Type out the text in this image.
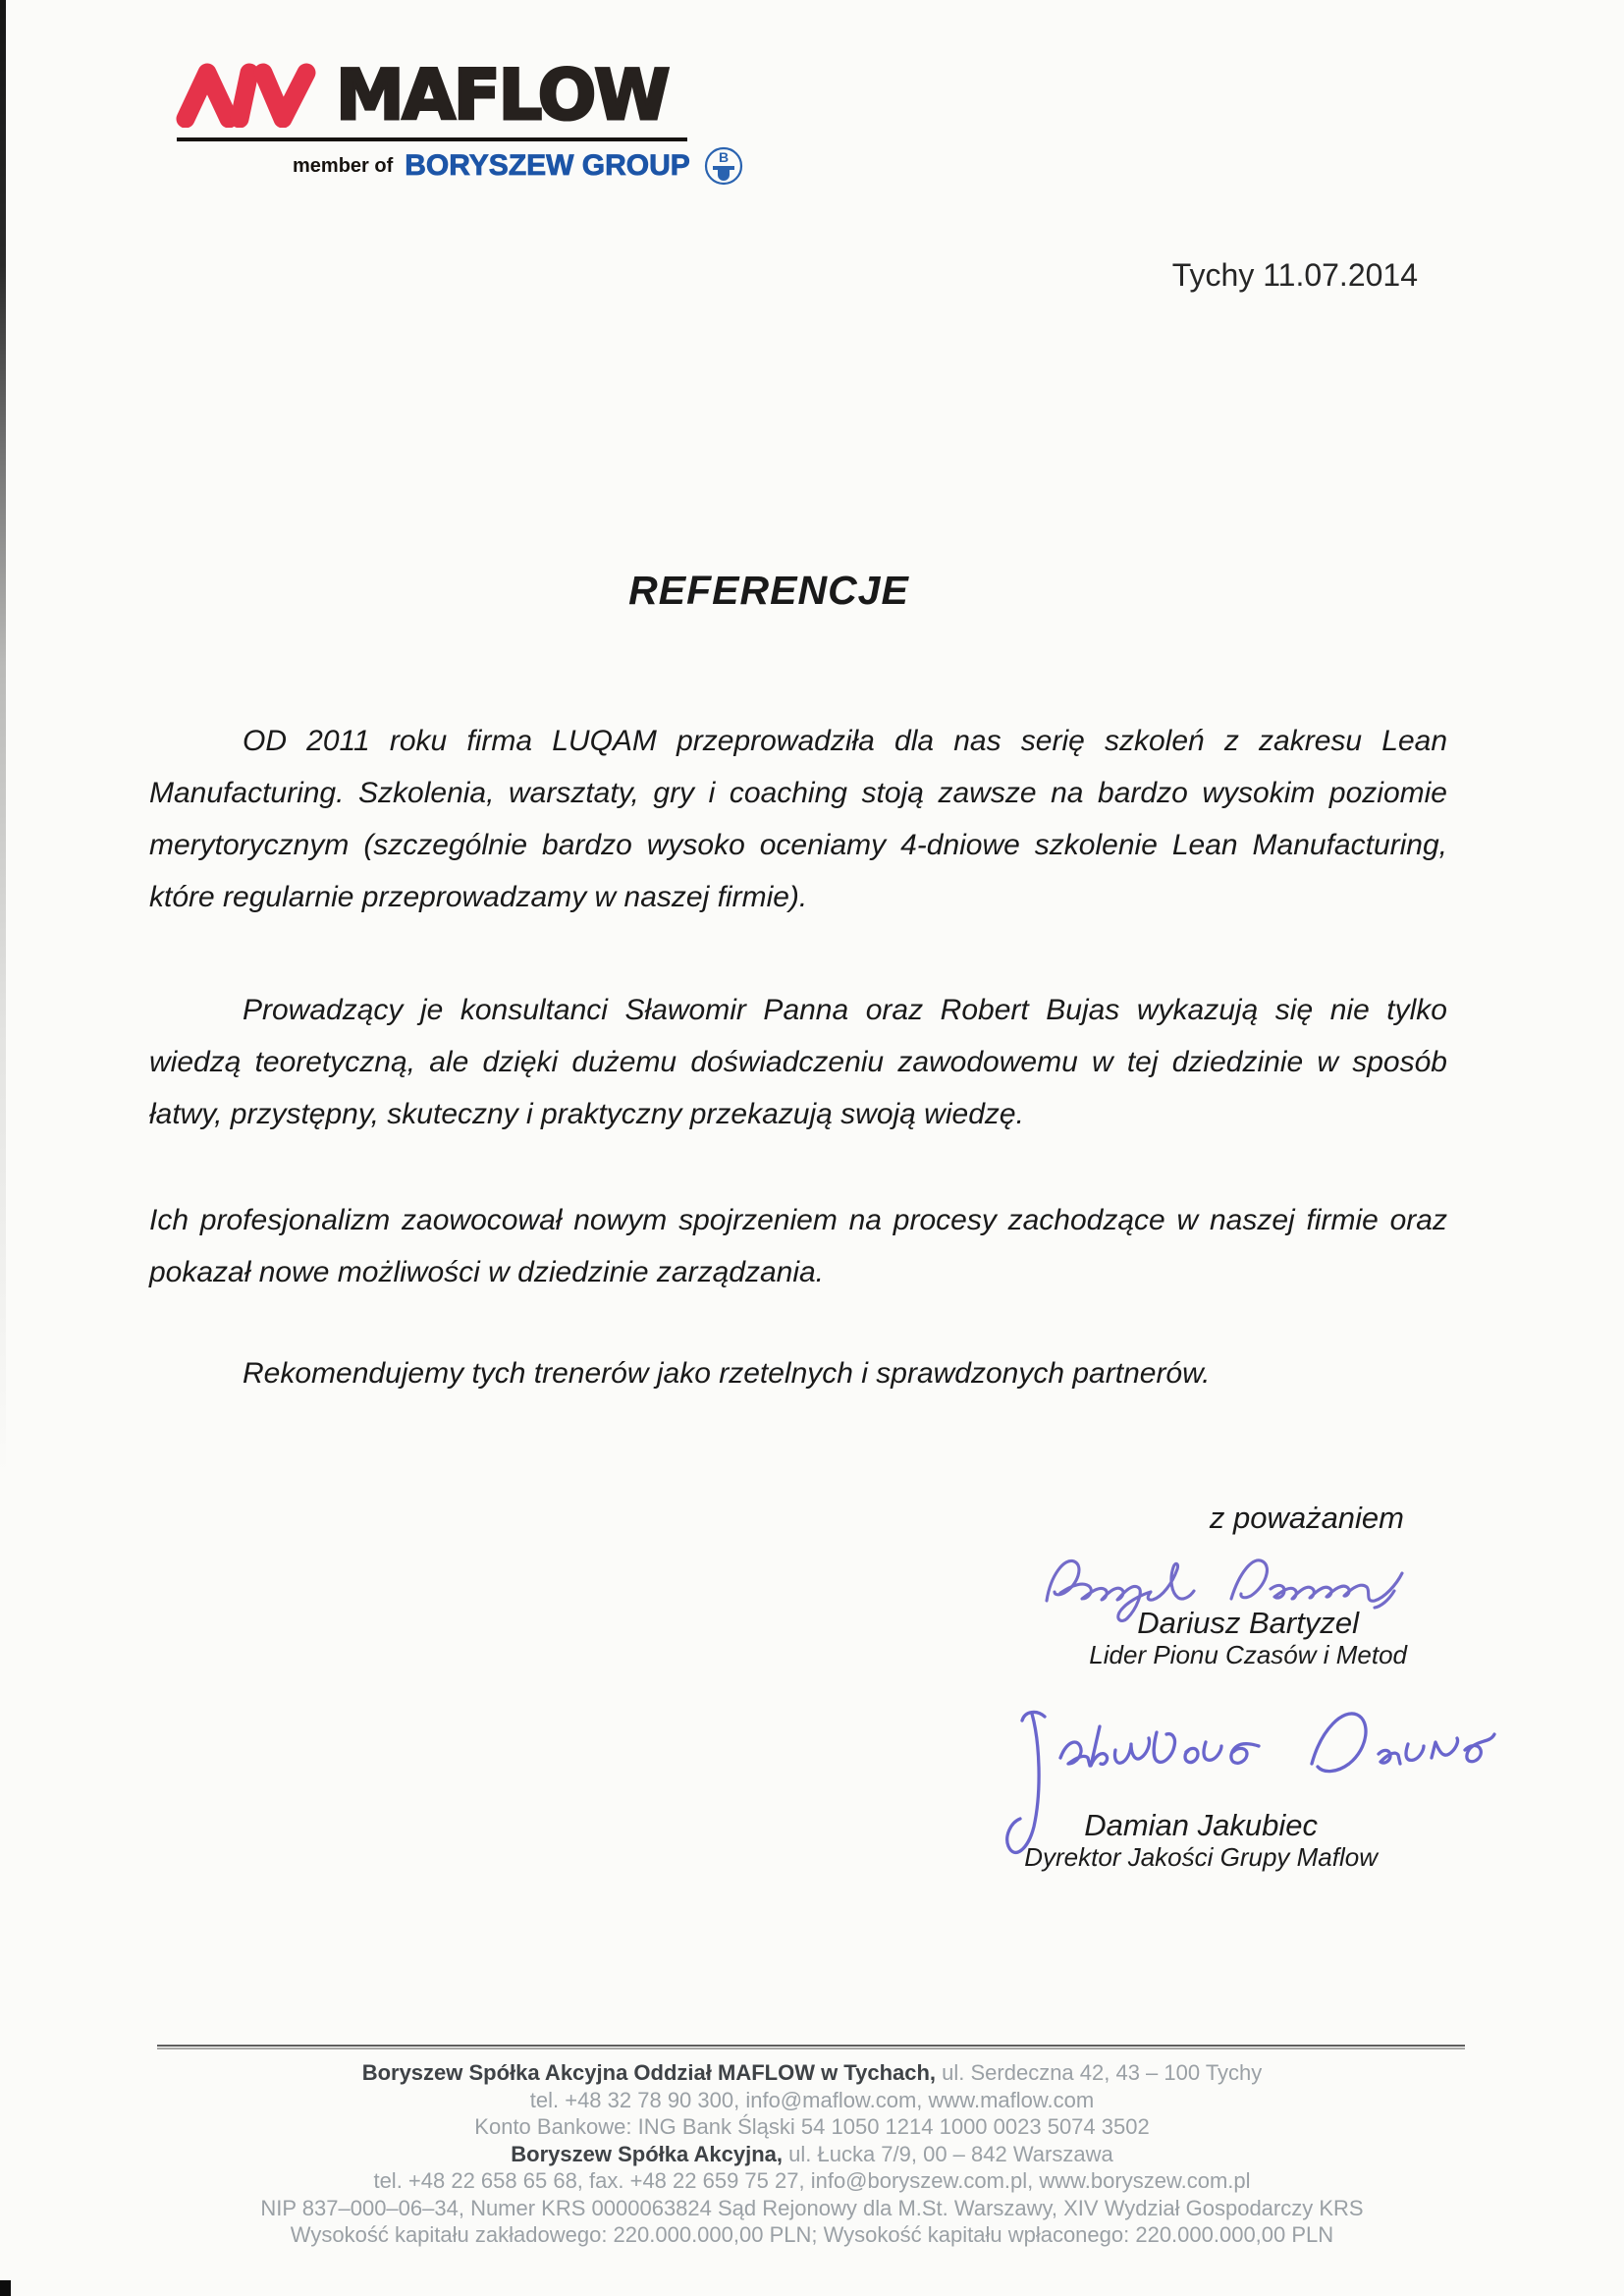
MAFLOW
member of BORYSZEW GROUP B
Tychy 11.07.2014
REFERENCJE
OD 2011 roku firma LUQAM przeprowadziła dla nas serię szkoleń z zakresu Lean Manufacturing. Szkolenia, warsztaty, gry i coaching stoją zawsze na bardzo wysokim poziomie merytorycznym (szczególnie bardzo wysoko oceniamy 4-dniowe szkolenie Lean Manufacturing, które regularnie przeprowadzamy w naszej firmie).
Prowadzący je konsultanci Sławomir Panna oraz Robert Bujas wykazują się nie tylko wiedzą teoretyczną, ale dzięki dużemu doświadczeniu zawodowemu w tej dziedzinie w sposób łatwy, przystępny, skuteczny i praktyczny przekazują swoją wiedzę.
Ich profesjonalizm zaowocował nowym spojrzeniem na procesy zachodzące w naszej firmie oraz pokazał nowe możliwości w dziedzinie zarządzania.
Rekomendujemy tych trenerów jako rzetelnych i sprawdzonych partnerów.
z poważaniem
Dariusz Bartyzel
Lider Pionu Czasów i Metod
Damian Jakubiec
Dyrektor Jakości Grupy Maflow
Boryszew Spółka Akcyjna Oddział MAFLOW w Tychach, ul. Serdeczna 42, 43 – 100 Tychy
tel. +48 32 78 90 300, info@maflow.com, www.maflow.com
Konto Bankowe: ING Bank Śląski 54 1050 1214 1000 0023 5074 3502
Boryszew Spółka Akcyjna, ul. Łucka 7/9, 00 – 842 Warszawa
tel. +48 22 658 65 68, fax. +48 22 659 75 27, info@boryszew.com.pl, www.boryszew.com.pl
NIP 837–000–06–34, Numer KRS 0000063824 Sąd Rejonowy dla M.St. Warszawy, XIV Wydział Gospodarczy KRS
Wysokość kapitału zakładowego: 220.000.000,00 PLN; Wysokość kapitału wpłaconego: 220.000.000,00 PLN
